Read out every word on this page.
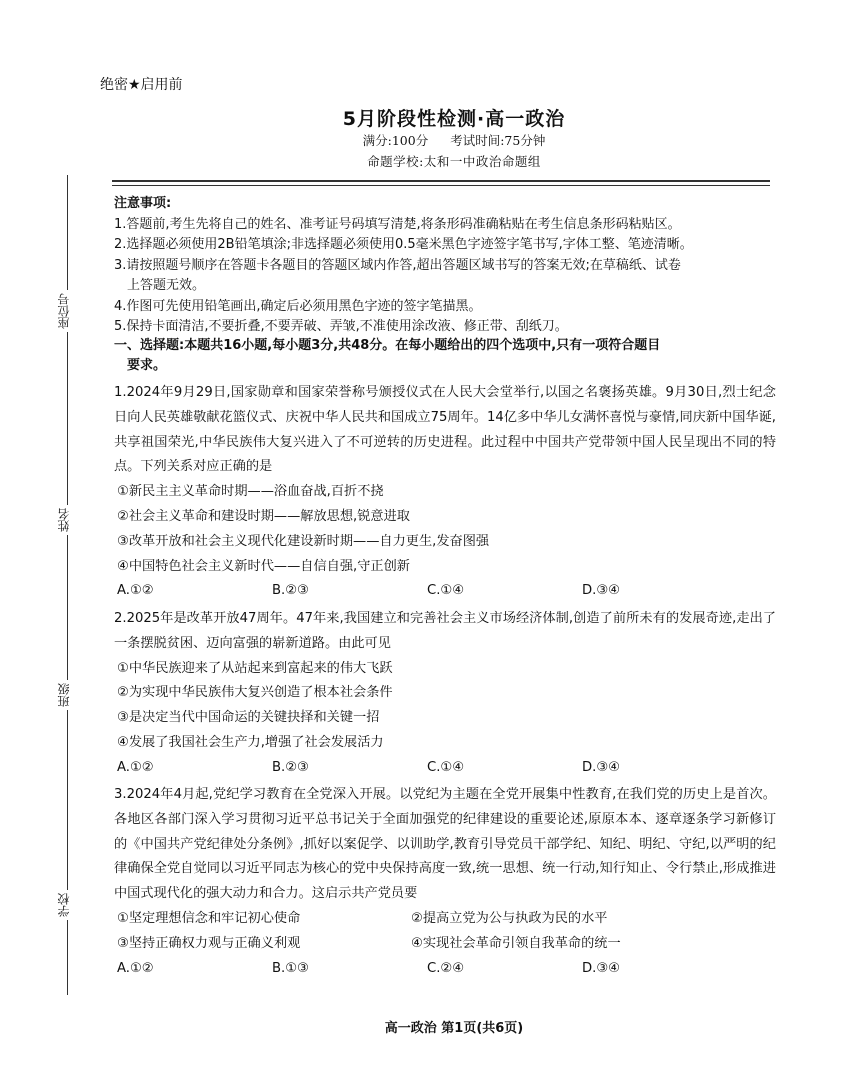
绝密★启用前
5月阶段性检测·高一政治
满分:100分 考试时间:75分钟
命题学校:太和一中政治命题组
座位号
姓名
班级
学校
注意事项:
1.答题前,考生先将自己的姓名、准考证号码填写清楚,将条形码准确粘贴在考生信息条形码粘贴区。
2.选择题必须使用2B铅笔填涂;非选择题必须使用0.5毫米黑色字迹签字笔书写,字体工整、笔迹清晰。
3.请按照题号顺序在答题卡各题目的答题区域内作答,超出答题区域书写的答案无效;在草稿纸、试卷
上答题无效。
4.作图可先使用铅笔画出,确定后必须用黑色字迹的签字笔描黑。
5.保持卡面清洁,不要折叠,不要弄破、弄皱,不准使用涂改液、修正带、刮纸刀。
一、选择题:本题共16小题,每小题3分,共48分。在每小题给出的四个选项中,只有一项符合题目
要求。
1.2024年9月29日,国家勋章和国家荣誉称号颁授仪式在人民大会堂举行,以国之名褒扬英雄。9月30日,烈士纪念日向人民英雄敬献花篮仪式、庆祝中华人民共和国成立75周年。14亿多中华儿女满怀喜悦与豪情,同庆新中国华诞,共享祖国荣光,中华民族伟大复兴进入了不可逆转的历史进程。此过程中中国共产党带领中国人民呈现出不同的特点。下列关系对应正确的是
①新民主主义革命时期——浴血奋战,百折不挠
②社会主义革命和建设时期——解放思想,锐意进取
③改革开放和社会主义现代化建设新时期——自力更生,发奋图强
④中国特色社会主义新时代——自信自强,守正创新
A.①②	B.②③	C.①④	D.③④
2.2025年是改革开放47周年。47年来,我国建立和完善社会主义市场经济体制,创造了前所未有的发展奇迹,走出了一条摆脱贫困、迈向富强的崭新道路。由此可见
①中华民族迎来了从站起来到富起来的伟大飞跃
②为实现中华民族伟大复兴创造了根本社会条件
③是决定当代中国命运的关键抉择和关键一招
④发展了我国社会生产力,增强了社会发展活力
A.①②	B.②③	C.①④	D.③④
3.2024年4月起,党纪学习教育在全党深入开展。以党纪为主题在全党开展集中性教育,在我们党的历史上是首次。各地区各部门深入学习贯彻习近平总书记关于全面加强党的纪律建设的重要论述,原原本本、逐章逐条学习新修订的《中国共产党纪律处分条例》,抓好以案促学、以训助学,教育引导党员干部学纪、知纪、明纪、守纪,以严明的纪律确保全党自觉同以习近平同志为核心的党中央保持高度一致,统一思想、统一行动,知行知止、令行禁止,形成推进中国式现代化的强大动力和合力。这启示共产党员要
①坚定理想信念和牢记初心使命	②提高立党为公与执政为民的水平
③坚持正确权力观与正确义利观	④实现社会革命引领自我革命的统一
A.①②	B.①③	C.②④	D.③④
高一政治 第1页(共6页)
